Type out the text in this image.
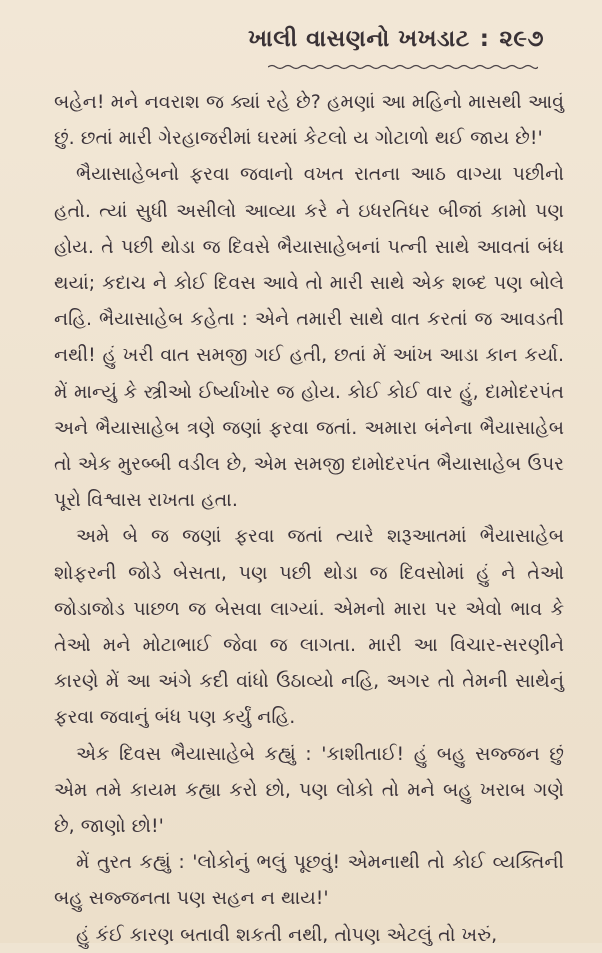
ખાલી વાસણનો ખખડાટ : ૨૯૭

બહેન! મને નવરાશ જ ક્યાં રહે છે? હમણાં આ મહિનો માસથી આવું છું. છતાં મારી ગેરહાજરીમાં ઘરમાં કેટલો ય ગોટાળો થઈ જાય છે!'

ભૈયાસાહેબનો ફરવા જવાનો વખત રાતના આઠ વાગ્યા પછીનો હતો. ત્યાં સુધી અસીલો આવ્યા કરે ને ઇધરતિધર બીજાં કામો પણ હોય. તે પછી થોડા જ દિવસે ભૈયાસાહેબનાં પત્ની સાથે આવતાં બંધ થયાં; કદાચ ને કોઈ દિવસ આવે તો મારી સાથે એક શબ્દ પણ બોલે નહિ. ભૈયાસાહેબ કહેતા : એને તમારી સાથે વાત કરતાં જ આવડતી નથી! હું ખરી વાત સમજી ગઈ હતી, છતાં મેં આંખ આડા કાન કર્યા. મેં માન્યું કે સ્ત્રીઓ ઈર્ષ્યાખોર જ હોય. કોઈ કોઈ વાર હું, દામોદરપંત અને ભૈયાસાહેબ ત્રણે જણાં ફરવા જતાં. અમારા બંનેના ભૈયાસાહેબ તો એક મુરબ્બી વડીલ છે, એમ સમજી દામોદરપંત ભૈયાસાહેબ ઉપર પૂરો વિશ્વાસ રાખતા હતા.

અમે બે જ જણાં ફરવા જતાં ત્યારે શરૂઆતમાં ભૈયાસાહેબ શોફરની જોડે બેસતા, પણ પછી થોડા જ દિવસોમાં હું ને તેઓ જોડાજોડ પાછળ જ બેસવા લાગ્યાં. એમનો મારા પર એવો ભાવ કે તેઓ મને મોટાભાઈ જેવા જ લાગતા. મારી આ વિચાર-સરણીને કારણે મેં આ અંગે કદી વાંધો ઉઠાવ્યો નહિ, અગર તો તેમની સાથેનું ફરવા જવાનું બંધ પણ કર્યું નહિ.

એક દિવસ ભૈયાસાહેબે કહ્યું : 'કાશીતાઈ! હું બહુ સજ્જન છું એમ તમે કાયમ કહ્યા કરો છો, પણ લોકો તો મને બહુ ખરાબ ગણે છે, જાણો છો!'

મેં તુરત કહ્યું : 'લોકોનું ભલું પૂછવું! એમનાથી તો કોઈ વ્યક્તિની બહુ સજ્જનતા પણ સહન ન થાય!'

હું કંઈ કારણ બતાવી શકતી નથી, તોપણ એટલું તો ખરું,
